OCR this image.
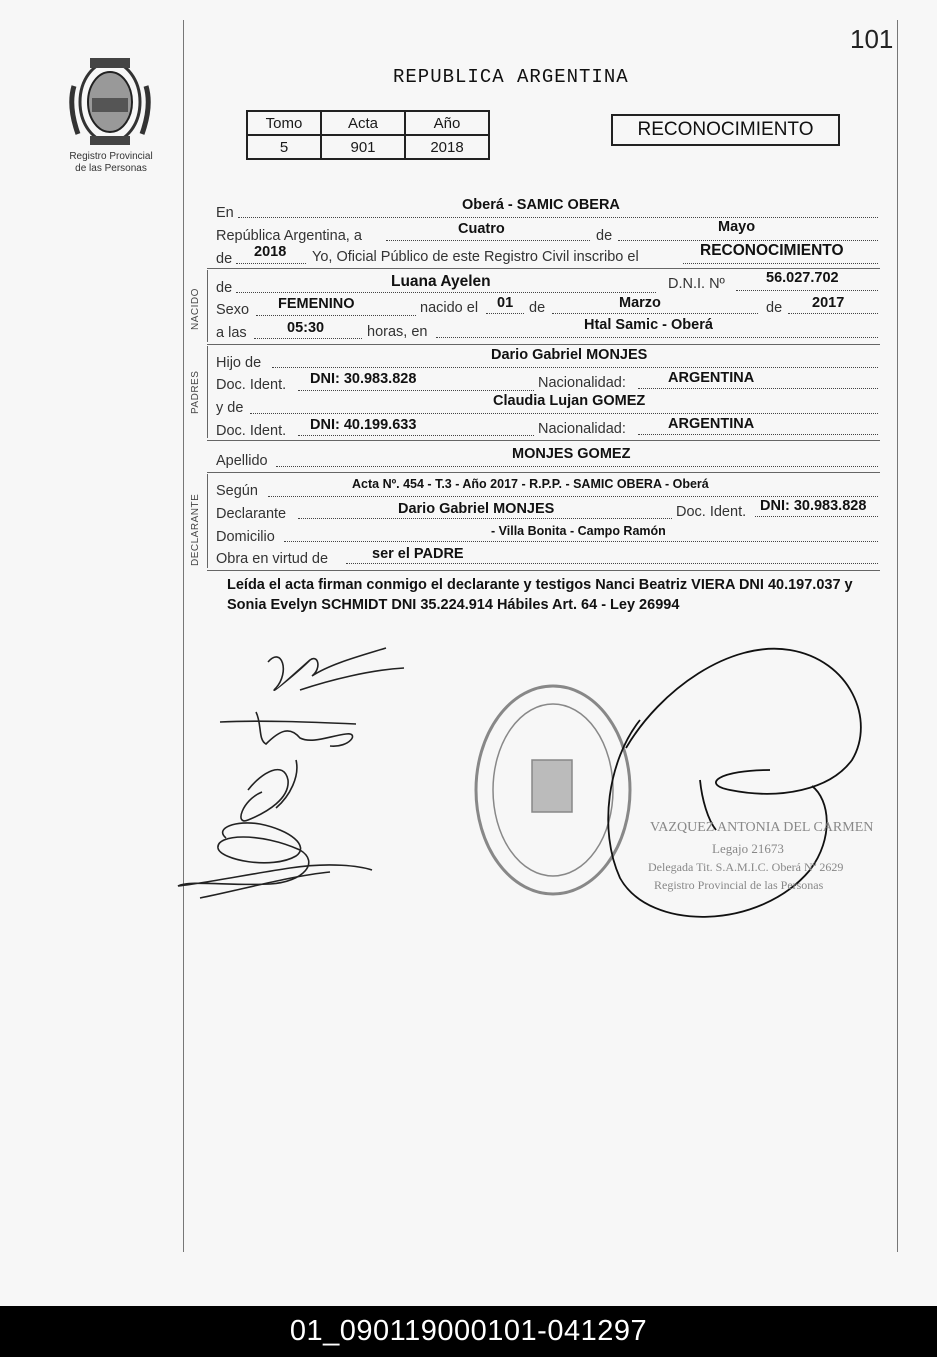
101
Registro Provincial
de las Personas
REPUBLICA ARGENTINA
Tomo	Acta	Año
5	901	2018
RECONOCIMIENTO
En	Oberá - SAMIC OBERA
República Argentina, a	Cuatro	de
Mayo
de 2018 Yo, Oficial Público de este Registro Civil inscribo el	RECONOCIMIENTO
NACIDO
de	Luana Ayelen	D.N.I. Nº	56.027.702
Sexo FEMENINO	nacido el 01 de	Marzo	de 2017
a las	05:30	horas, en	Htal Samic - Oberá
PADRES
Hijo de	Dario Gabriel MONJES
Doc. Ident. DNI: 30.983.828	Nacionalidad:	ARGENTINA
y de	Claudia Lujan GOMEZ
Doc. Ident. DNI: 40.199.633	Nacionalidad:	ARGENTINA
Apellido	MONJES GOMEZ
DECLARANTE
Según	Acta Nº. 454 - T.3 - Año 2017 - R.P.P. - SAMIC OBERA - Oberá
Declarante	Dario Gabriel MONJES	Doc. Ident. DNI: 30.983.828
Domicilio	- Villa Bonita - Campo Ramón
Obra en virtud de	ser el PADRE
Leída el acta firman conmigo el declarante y testigos Nanci Beatriz VIERA DNI 40.197.037 y Sonia Evelyn SCHMIDT DNI 35.224.914 Hábiles Art. 64 - Ley 26994
VAZQUEZ ANTONIA DEL CARMEN
Legajo 21673
Delegada Tit. S.A.M.I.C. Oberá Nº 2629
Registro Provincial de las Personas
01_090119000101-041297
